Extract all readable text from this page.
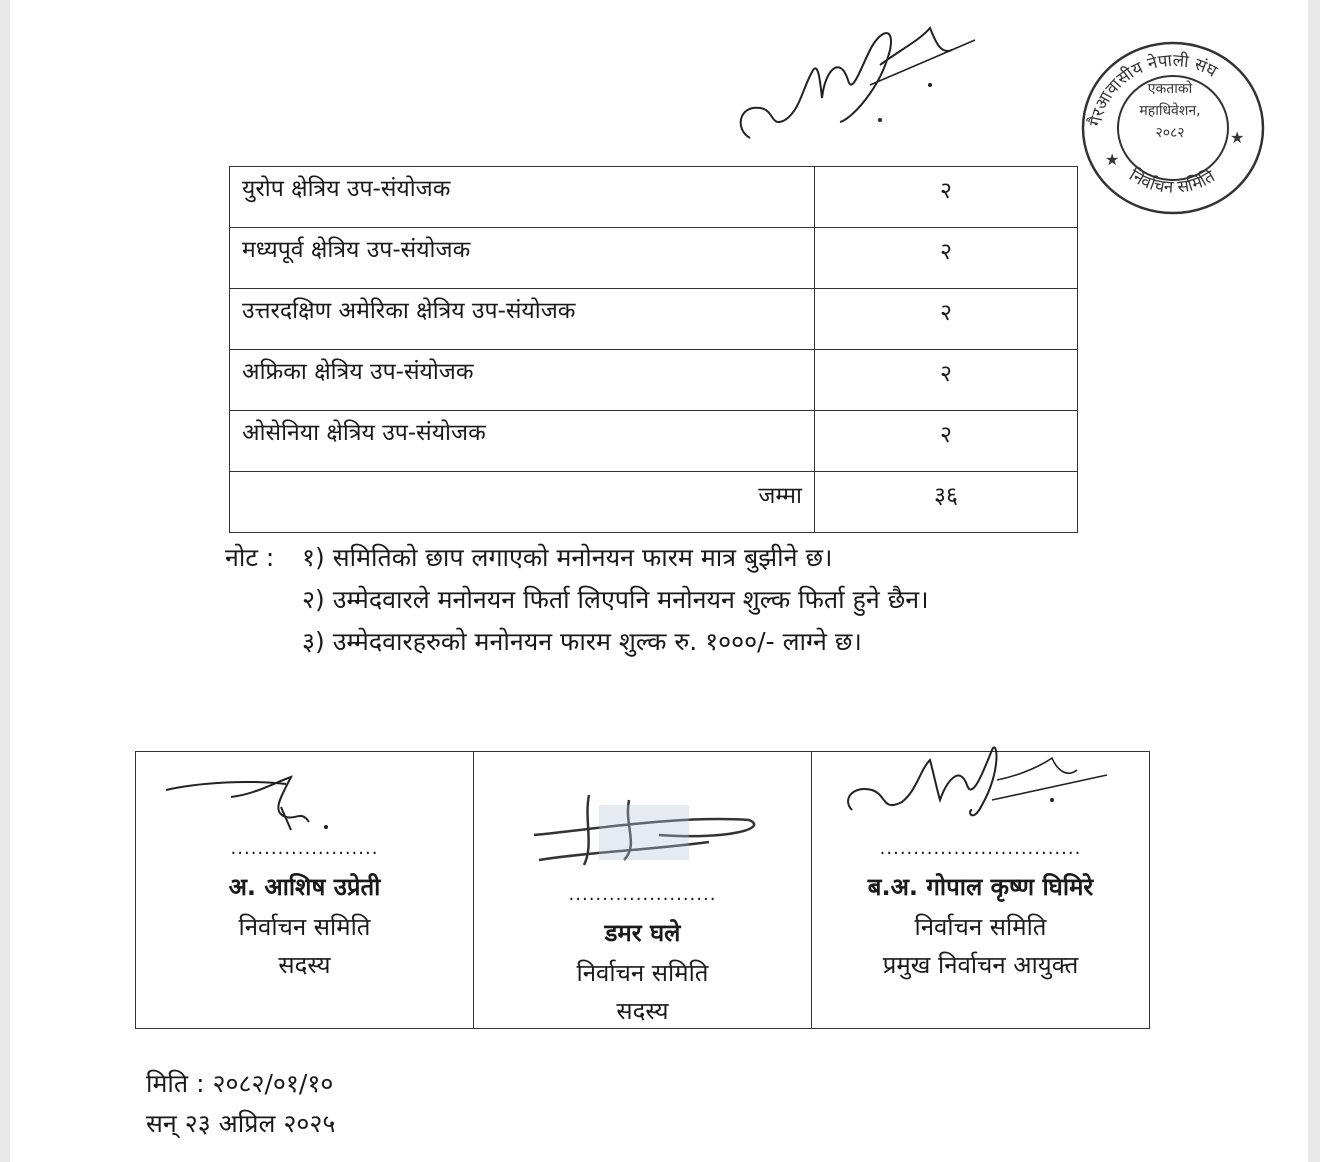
गैरआवासीय नेपाली संघ
निर्वाचन समिति
★
★
एकताको
महाधिवेशन,
२०८२
युरोप क्षेत्रिय उप-संयोजक	२
मध्यपूर्व क्षेत्रिय उप-संयोजक	२
उत्तरदक्षिण अमेरिका क्षेत्रिय उप-संयोजक	२
अफ्रिका क्षेत्रिय उप-संयोजक	२
ओसेनिया क्षेत्रिय उप-संयोजक	२
जम्मा	३६
नोट : १) समितिको छाप लगाएको मनोनयन फारम मात्र बुझीने छ।
२) उम्मेदवारले मनोनयन फिर्ता लिएपनि मनोनयन शुल्क फिर्ता हुने छैन।
३) उम्मेदवारहरुको मनोनयन फारम शुल्क रु. १०००/- लाग्ने छ।
......................
अ. आशिष उप्रेती
निर्वाचन समिति
सदस्य

......................
डमर घले
निर्वाचन समिति
सदस्य

..............................
ब.अ. गोपाल कृष्ण घिमिरे
निर्वाचन समिति
प्रमुख निर्वाचन आयुक्त
मिति : २०८२/०१/१०
सन् २३ अप्रिल २०२५
